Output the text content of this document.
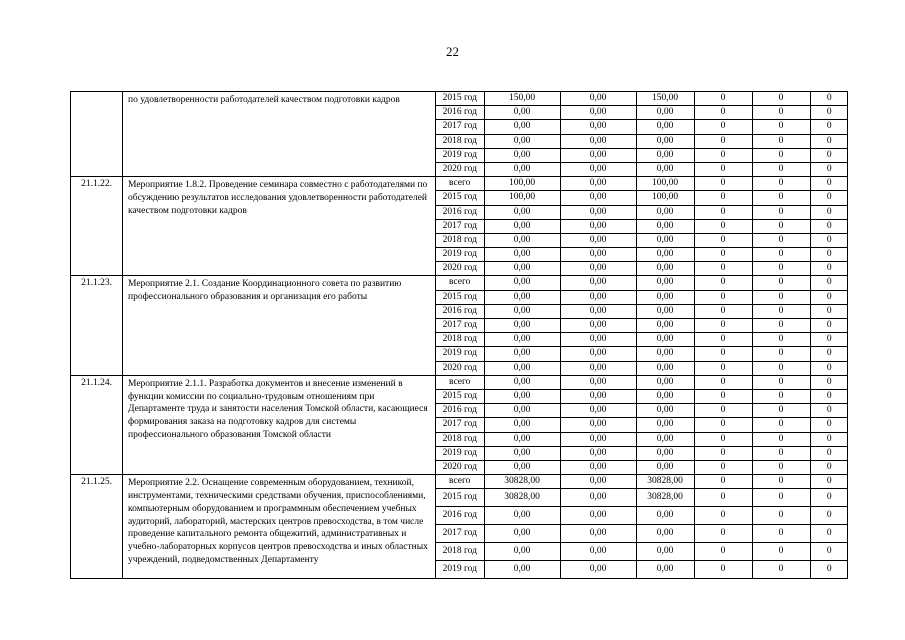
22
	по удовлетворенности работодателей качеством подготовки кадров		2015 год	150,00	0,00	150,00	0	0	0
2016 год	0,00	0,00	0,00	0	0	0
2017 год	0,00	0,00	0,00	0	0	0
2018 год	0,00	0,00	0,00	0	0	0
2019 год	0,00	0,00	0,00	0	0	0
2020 год	0,00	0,00	0,00	0	0	0

21.1.22.	Мероприятие 1.8.2. Проведение семинара совместно с работодателями по обсуждению результатов исследования удовлетворенности работодателей качеством подготовки кадров	
всего	100,00	0,00	100,00	0	0	0
2015 год	100,00	0,00	100,00	0	0	0
2016 год	0,00	0,00	0,00	0	0	0
2017 год	0,00	0,00	0,00	0	0	0
2018 год	0,00	0,00	0,00	0	0	0
2019 год	0,00	0,00	0,00	0	0	0
2020 год	0,00	0,00	0,00	0	0	0

21.1.23.	Мероприятие 2.1. Создание Координационного совета по развитию профессионального образования и организация его работы	
всего	0,00	0,00	0,00	0	0	0
2015 год	0,00	0,00	0,00	0	0	0
2016 год	0,00	0,00	0,00	0	0	0
2017 год	0,00	0,00	0,00	0	0	0
2018 год	0,00	0,00	0,00	0	0	0
2019 год	0,00	0,00	0,00	0	0	0
2020 год	0,00	0,00	0,00	0	0	0

21.1.24.	Мероприятие 2.1.1. Разработка документов и внесение изменений в функции комиссии по социально-трудовым отношениям при Департаменте труда и занятости населения Томской области, касающиеся формирования заказа на подготовку кадров для системы профессионального образования Томской области	
всего	0,00	0,00	0,00	0	0	0
2015 год	0,00	0,00	0,00	0	0	0
2016 год	0,00	0,00	0,00	0	0	0
2017 год	0,00	0,00	0,00	0	0	0
2018 год	0,00	0,00	0,00	0	0	0
2019 год	0,00	0,00	0,00	0	0	0
2020 год	0,00	0,00	0,00	0	0	0

21.1.25.	Мероприятие 2.2. Оснащение современным оборудованием, техникой, инструментами, техническими средствами обучения, приспособлениями, компьютерным оборудованием и программным обеспечением учебных аудиторий, лабораторий, мастерских центров превосходства, в том числе проведение капитального ремонта общежитий, административных и учебно-лабораторных корпусов центров превосходства и иных областных учреждений, подведомственных Департаменту	
всего	30828,00	0,00	30828,00	0	0	0
2015 год	30828,00	0,00	30828,00	0	0	0
2016 год	0,00	0,00	0,00	0	0	0
2017 год	0,00	0,00	0,00	0	0	0
2018 год	0,00	0,00	0,00	0	0	0
2019 год	0,00	0,00	0,00	0	0	0
